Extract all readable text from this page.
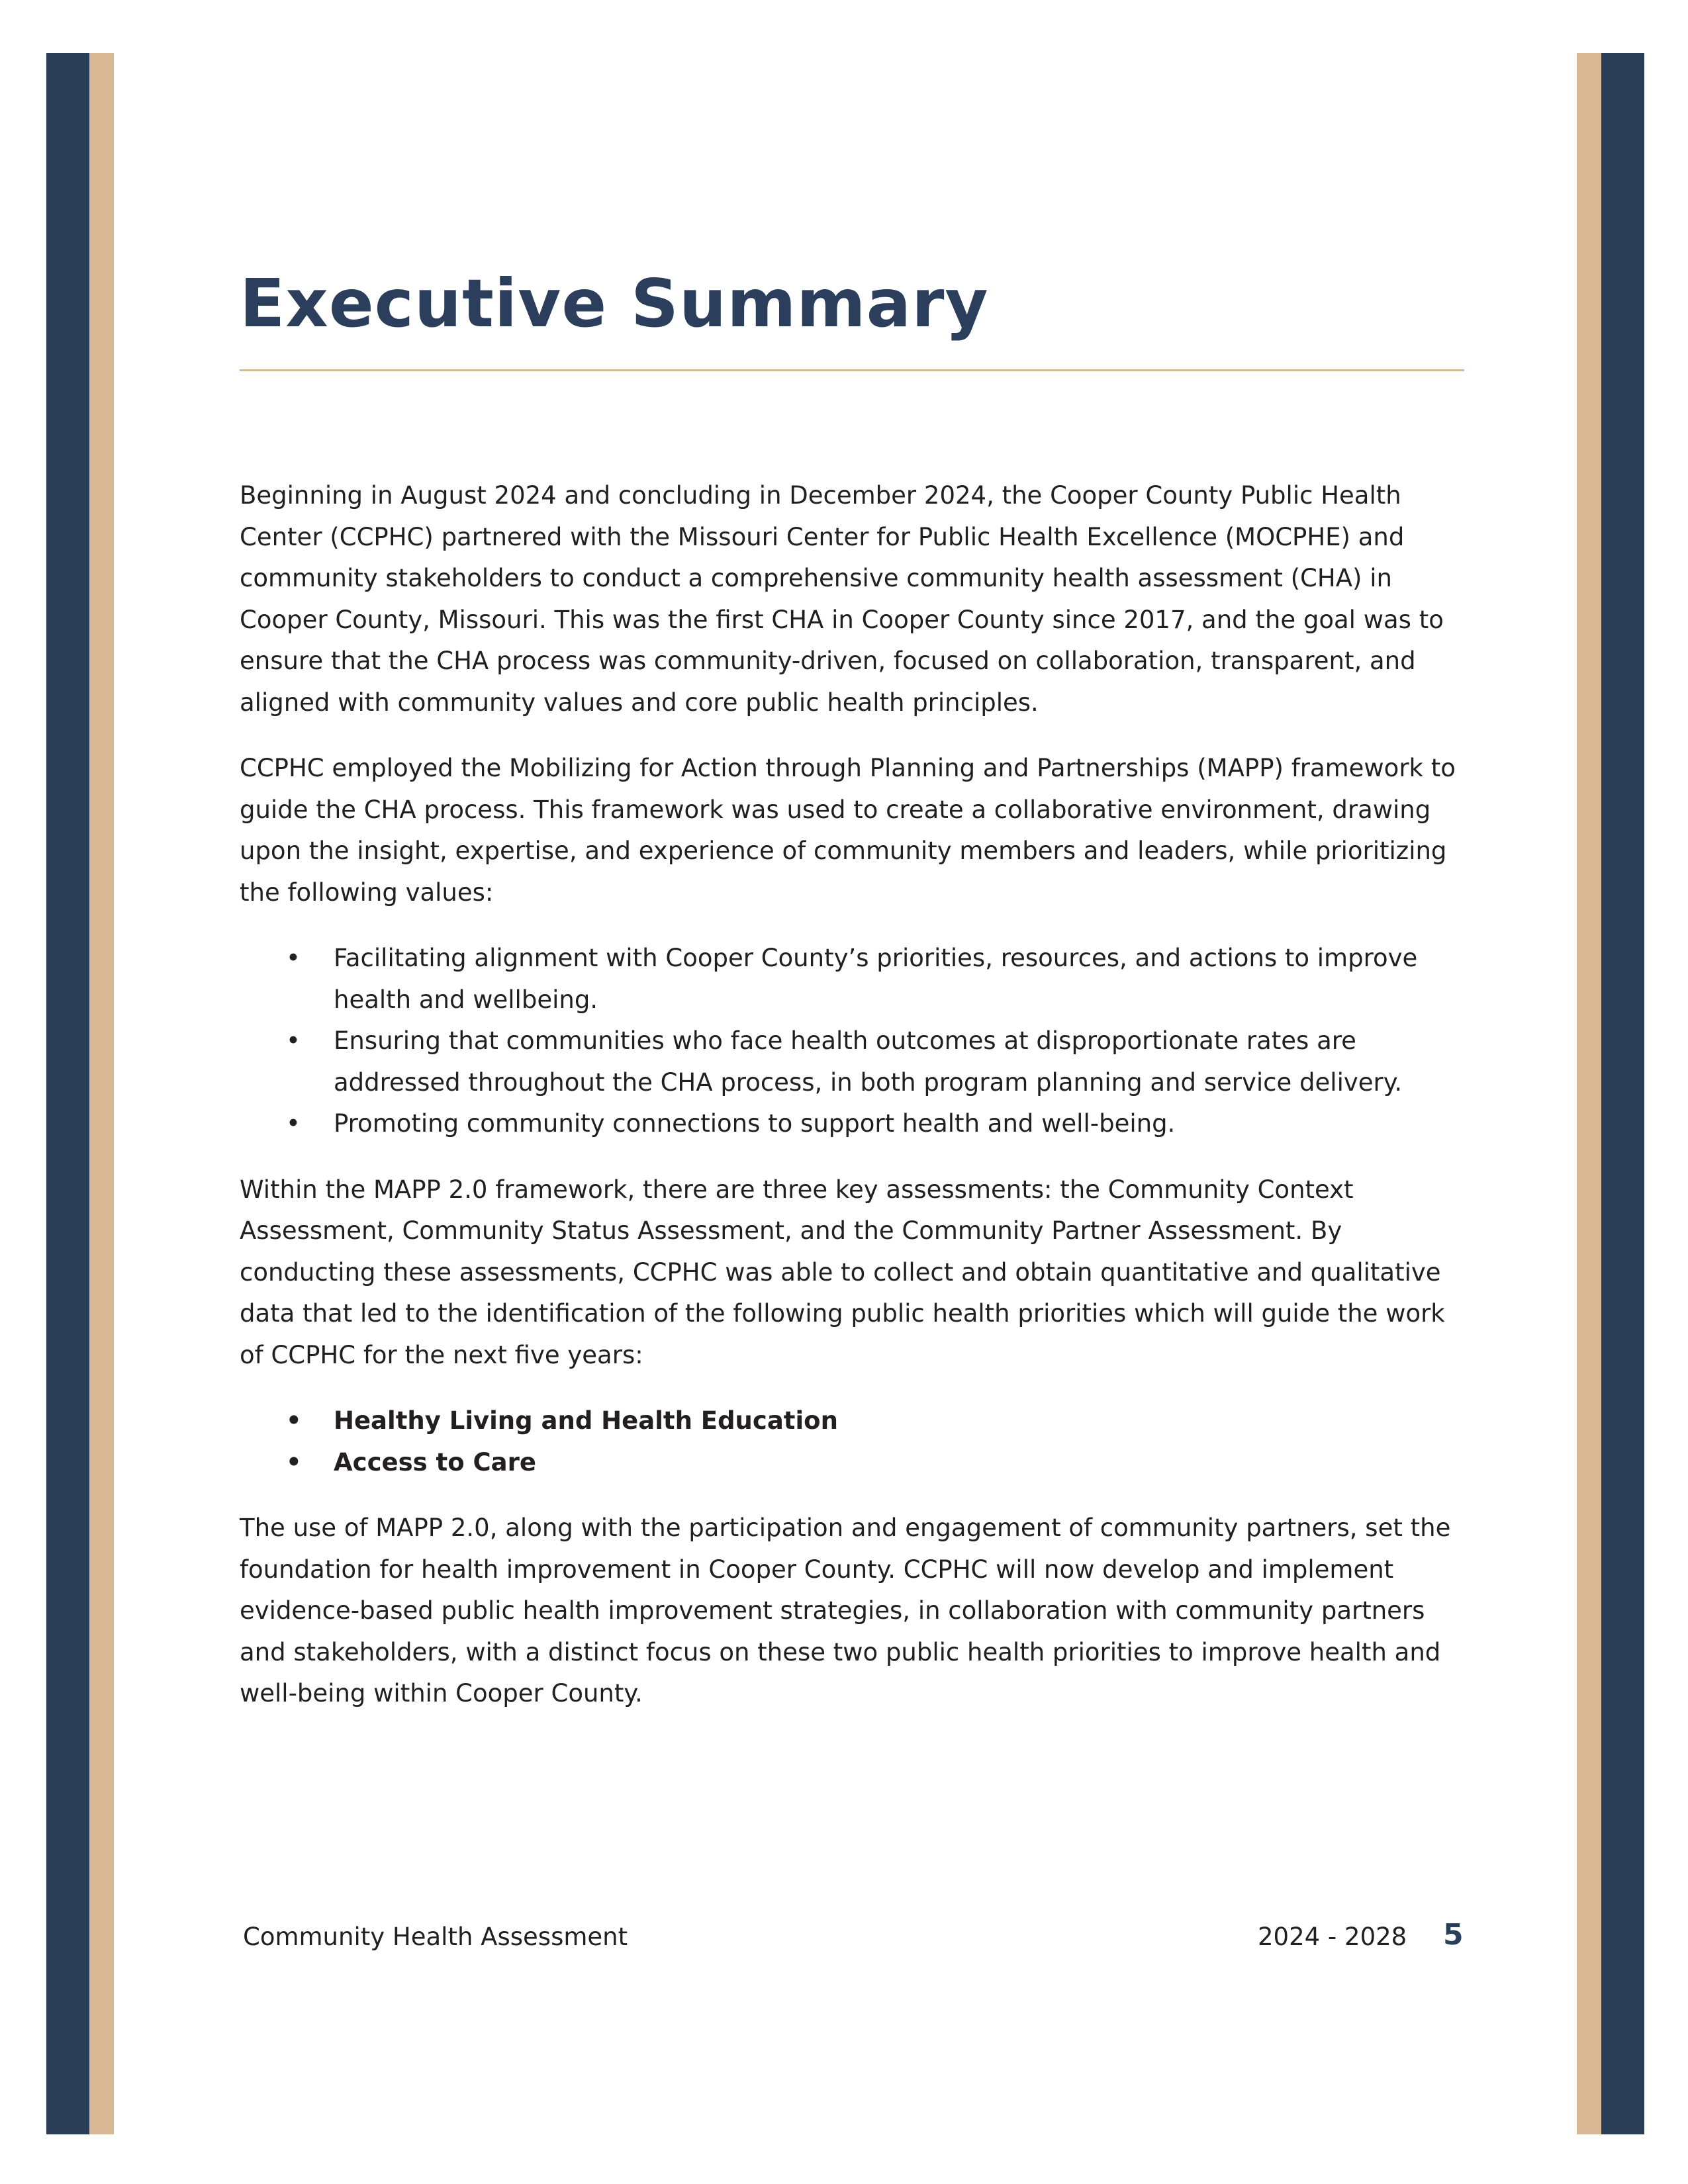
Executive Summary

Beginning in August 2024 and concluding in December 2024, the Cooper County Public Health Center (CCPHC) partnered with the Missouri Center for Public Health Excellence (MOCPHE) and community stakeholders to conduct a comprehensive community health assessment (CHA) in Cooper County, Missouri. This was the first CHA in Cooper County since 2017, and the goal was to ensure that the CHA process was community-driven, focused on collaboration, transparent, and aligned with community values and core public health principles.

CCPHC employed the Mobilizing for Action through Planning and Partnerships (MAPP) framework to guide the CHA process. This framework was used to create a collaborative environment, drawing upon the insight, expertise, and experience of community members and leaders, while prioritizing the following values:

• Facilitating alignment with Cooper County’s priorities, resources, and actions to improve health and wellbeing.
• Ensuring that communities who face health outcomes at disproportionate rates are addressed throughout the CHA process, in both program planning and service delivery.
• Promoting community connections to support health and well-being.

Within the MAPP 2.0 framework, there are three key assessments: the Community Context Assessment, Community Status Assessment, and the Community Partner Assessment. By conducting these assessments, CCPHC was able to collect and obtain quantitative and qualitative data that led to the identification of the following public health priorities which will guide the work of CCPHC for the next five years:

• Healthy Living and Health Education
• Access to Care

The use of MAPP 2.0, along with the participation and engagement of community partners, set the foundation for health improvement in Cooper County. CCPHC will now develop and implement evidence-based public health improvement strategies, in collaboration with community partners and stakeholders, with a distinct focus on these two public health priorities to improve health and well-being within Cooper County.

Community Health Assessment	2024 - 2028 5
